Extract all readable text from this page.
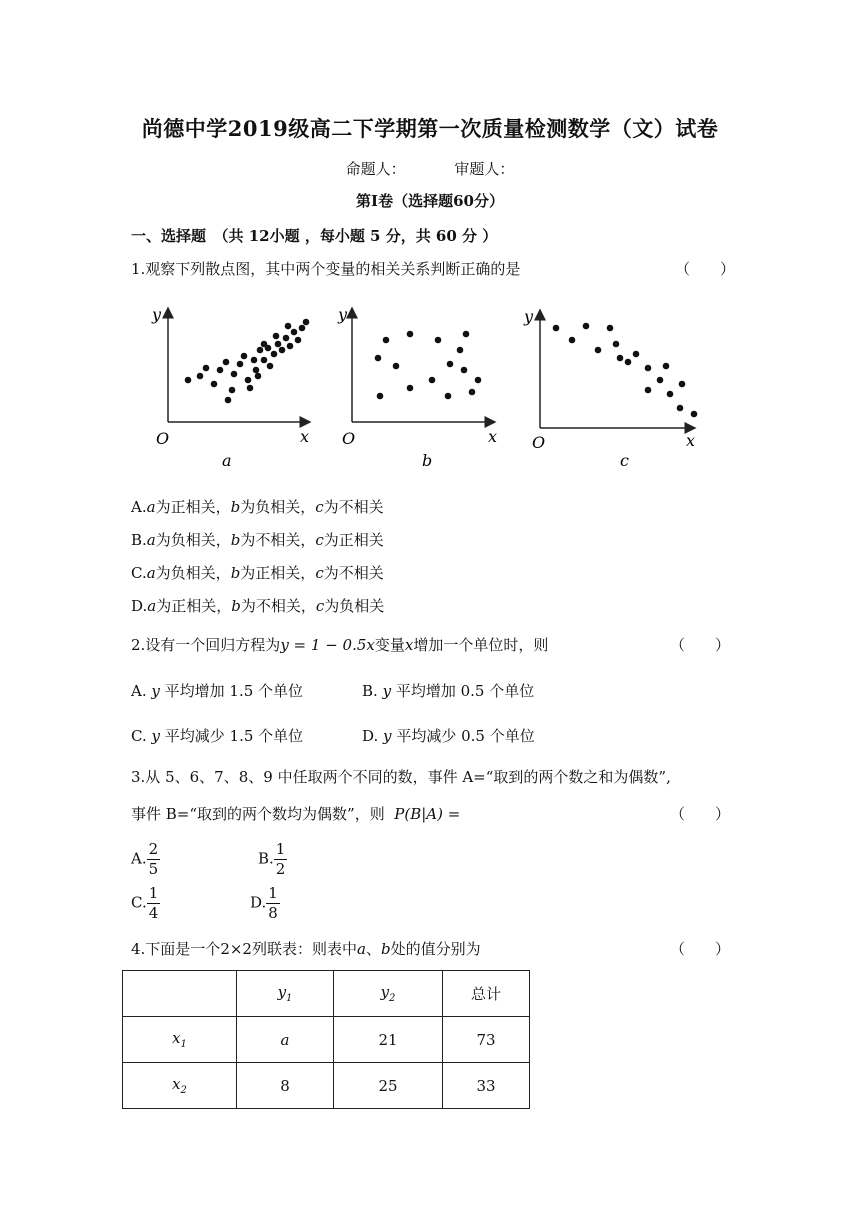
尚德中学2019级高二下学期第一次质量检测数学（文）试卷
命题人：	审题人：
第Ⅰ卷（选择题60分）
一、选择题　（共 12小题 ，每小题 5 分，共 60 分 ）
1.观察下列散点图，其中两个变量的相关关系判断正确的是	（　　）
y
x
O
a
y
x
O
b
y
x
O
c
A.a为正相关，b为负相关，c为不相关
B.a为负相关，b为不相关，c为正相关
C.a为负相关，b为正相关，c为不相关
D.a为正相关，b为不相关，c为负相关
2.设有一个回归方程为y = 1 − 0.5x变量x增加一个单位时，则	（　　）
A. y 平均增加 1.5 个单位	B. y 平均增加 0.5 个单位
C. y 平均减少 1.5 个单位	D. y 平均减少 0.5 个单位
3.从 5、6、7、8、9 中任取两个不同的数，事件 A=“取到的两个数之和为偶数”,
事件 B=“取到的两个数均为偶数”，则 P(B|A) =	（　　）
A. $\frac{2}{5}$	B. $\frac{1}{2}$
C. $\frac{1}{4}$	D. $\frac{1}{8}$
4.下面是一个2×2列联表：则表中a、b处的值分别为	（　　）
	$y_1$	$y_2$	总计
$x_1$	a	21	73
$x_2$	8	25	33
